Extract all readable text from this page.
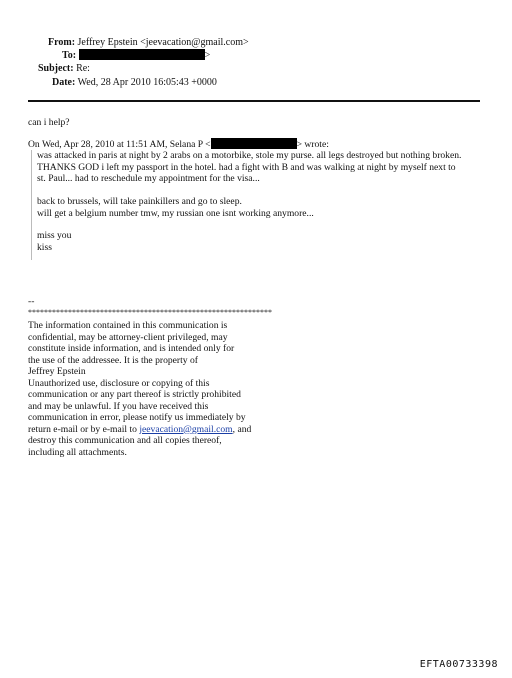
From: Jeffrey Epstein <jeevacation@gmail.com>
To:	>
Subject: Re:
Date: Wed, 28 Apr 2010 16:05:43 +0000
can i help?
On Wed, Apr 28, 2010 at 11:51 AM, Selana P <	> wrote:
was attacked in paris at night by 2 arabs on a motorbike, stole my purse. all legs destroyed but nothing broken.
THANKS GOD i left my passport in the hotel. had a fight with B and was walking at night by myself next to
st. Paul... had to reschedule my appointment for the visa...
back to brussels, will take painkillers and go to sleep.
will get a belgium number tmw, my russian one isnt working anymore...
miss you
kiss
--
*************************************************************
The information contained in this communication is
confidential, may be attorney-client privileged, may
constitute inside information, and is intended only for
the use of the addressee. It is the property of
Jeffrey Epstein
Unauthorized use, disclosure or copying of this
communication or any part thereof is strictly prohibited
and may be unlawful. If you have received this
communication in error, please notify us immediately by
return e-mail or by e-mail to jeevacation@gmail.com, and
destroy this communication and all copies thereof,
including all attachments.
EFTA00733398
